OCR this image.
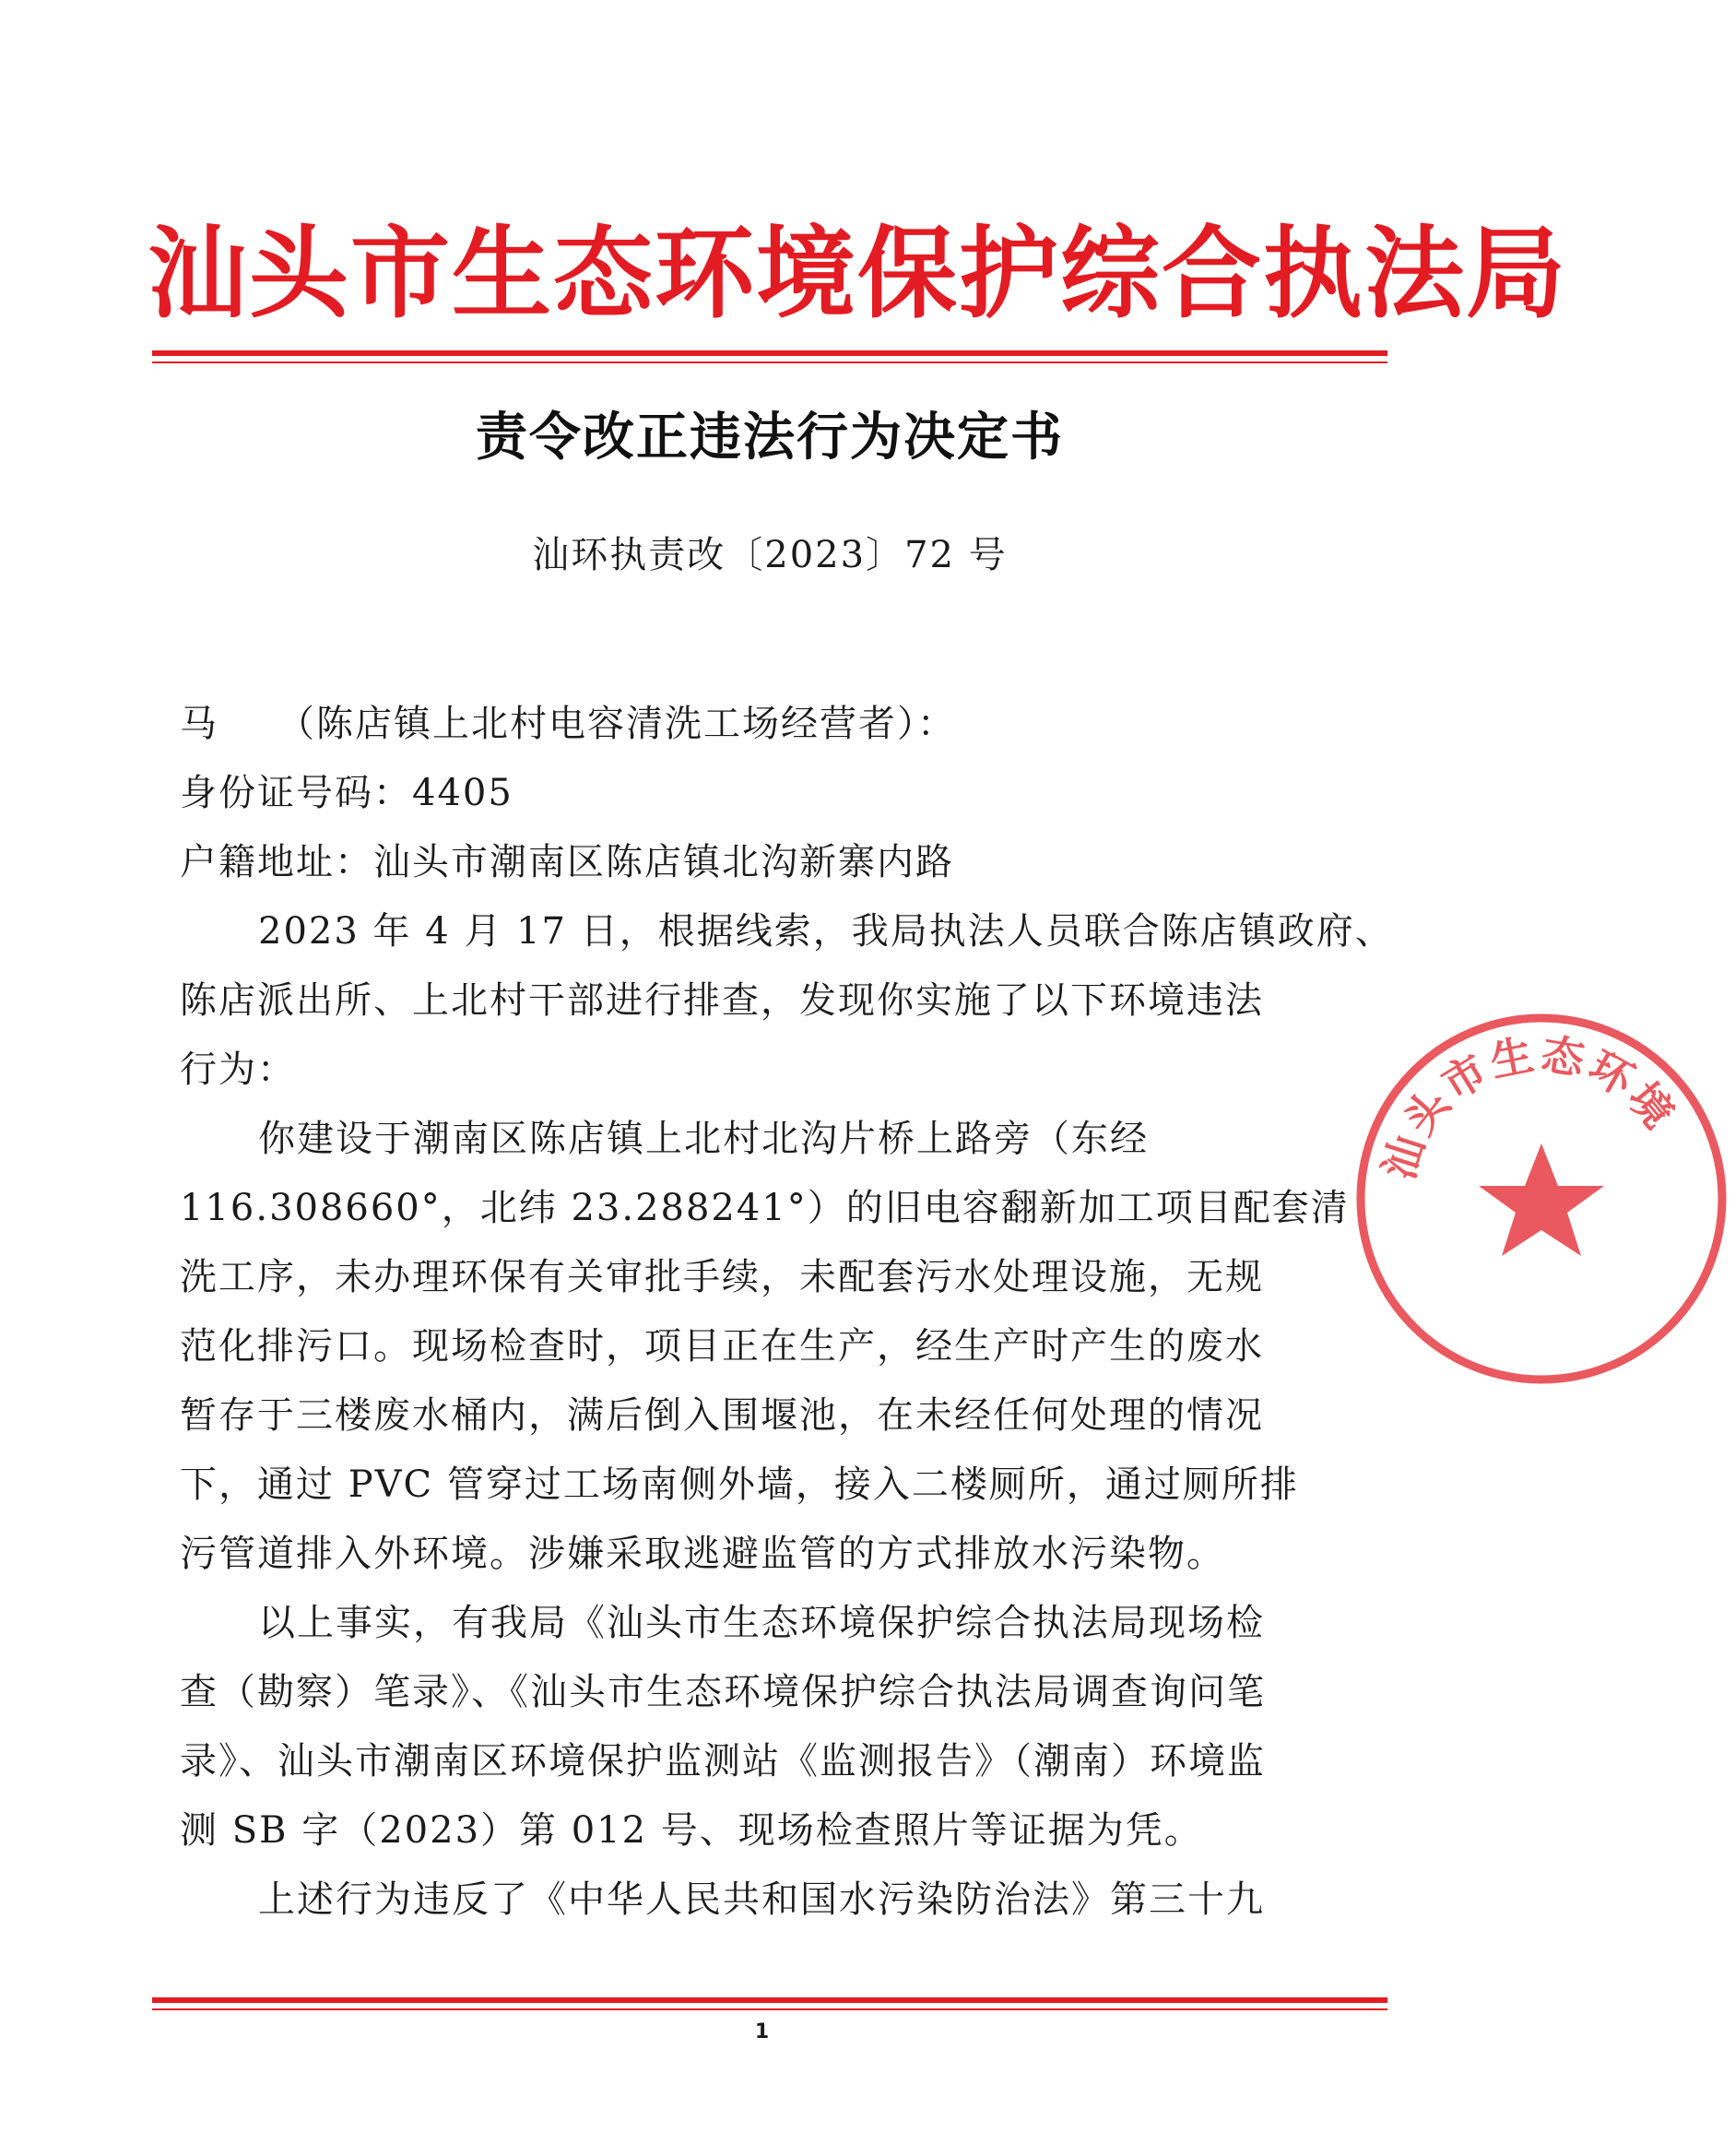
汕头市生态环境保护综合执法局
责令改正违法行为决定书
汕环执责改〔2023〕72 号
马　　（陈店镇上北村电容清洗工场经营者）：
身份证号码：4405
户籍地址：汕头市潮南区陈店镇北沟新寨内路
2023 年 4 月 17 日，根据线索，我局执法人员联合陈店镇政府、
陈店派出所、上北村干部进行排查，发现你实施了以下环境违法
行为：
你建设于潮南区陈店镇上北村北沟片桥上路旁（东经
116.308660°，北纬 23.288241°）的旧电容翻新加工项目配套清
洗工序，未办理环保有关审批手续，未配套污水处理设施，无规
范化排污口。现场检查时，项目正在生产，经生产时产生的废水
暂存于三楼废水桶内，满后倒入围堰池，在未经任何处理的情况
下，通过 PVC 管穿过工场南侧外墙，接入二楼厕所，通过厕所排
污管道排入外环境。涉嫌采取逃避监管的方式排放水污染物。
以上事实，有我局《汕头市生态环境保护综合执法局现场检
查（勘察）笔录》、《汕头市生态环境保护综合执法局调查询问笔
录》、汕头市潮南区环境保护监测站《监测报告》（潮南）环境监
测 SB 字（2023）第 012 号、现场检查照片等证据为凭。
上述行为违反了《中华人民共和国水污染防治法》第三十九
汕头市生态环境
1
